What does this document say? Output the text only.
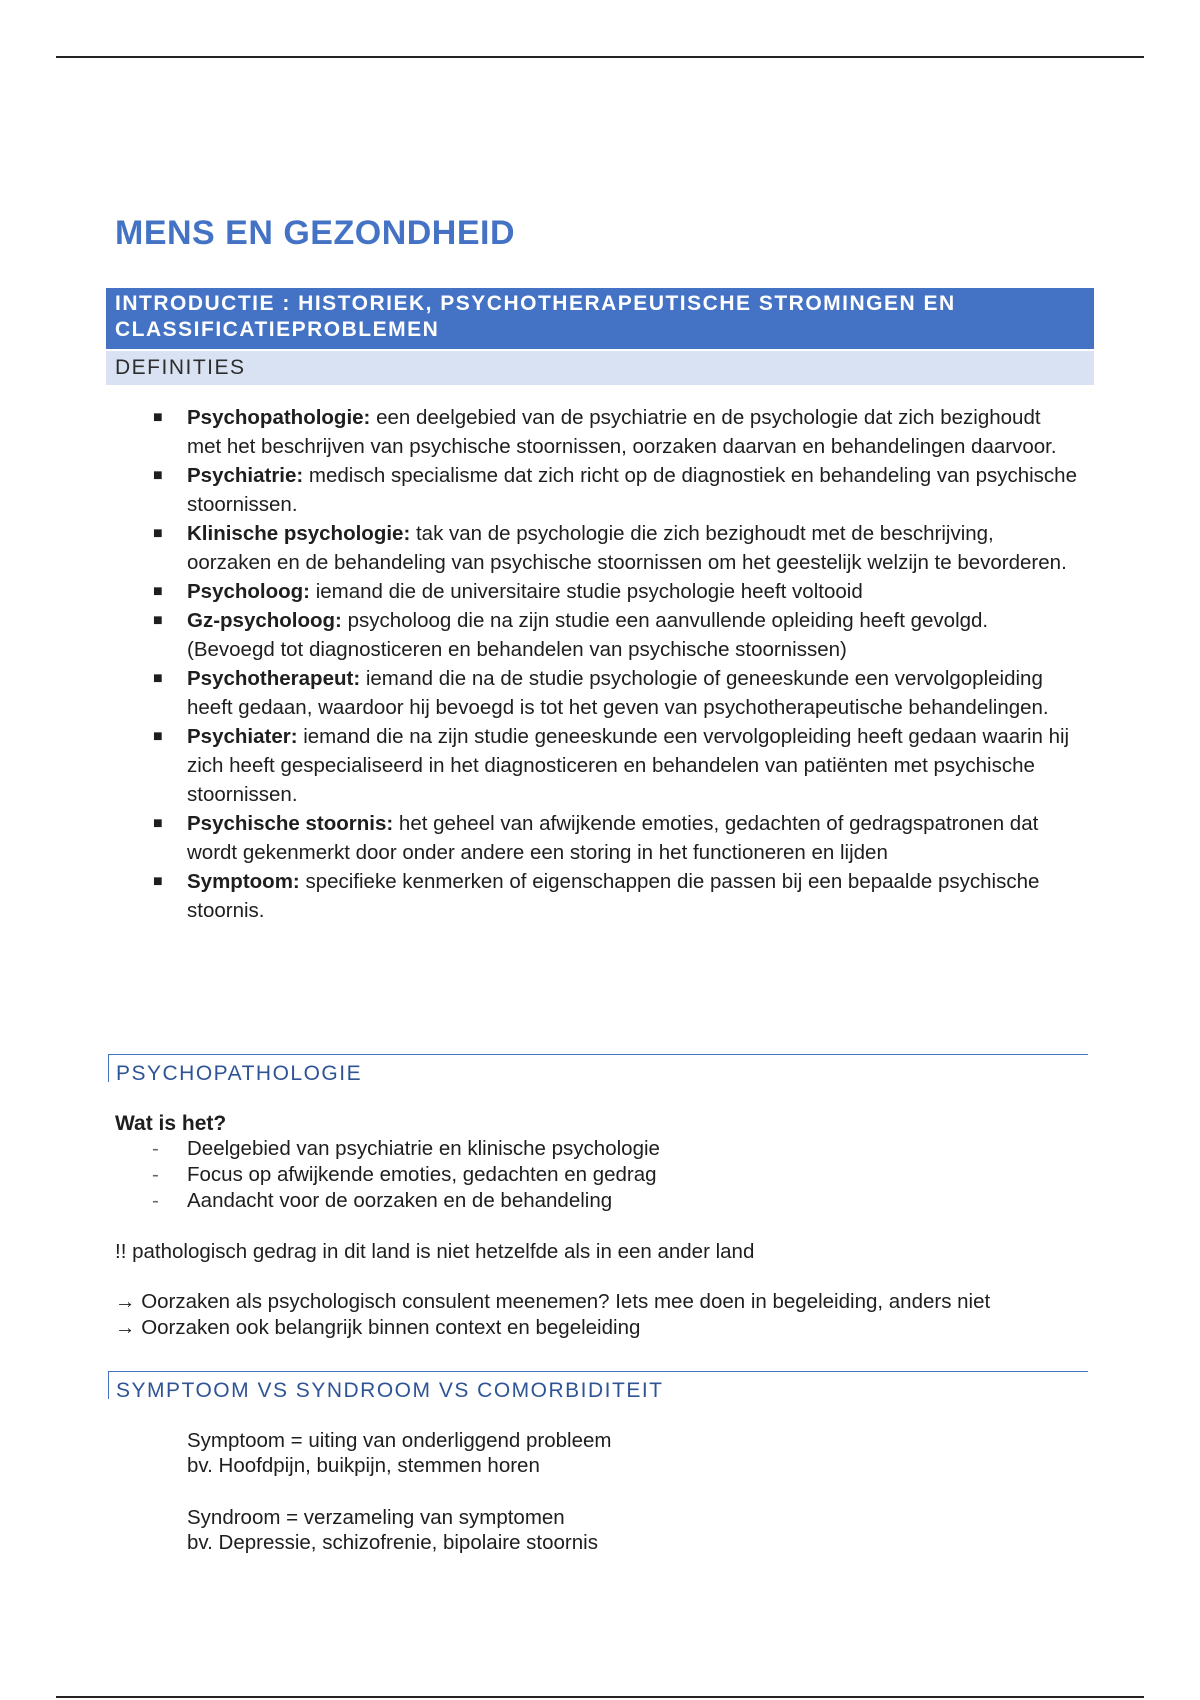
MENS EN GEZONDHEID
INTRODUCTIE : HISTORIEK, PSYCHOTHERAPEUTISCHE STROMINGEN EN
CLASSIFICATIEPROBLEMEN
DEFINITIES
■ Psychopathologie: een deelgebied van de psychiatrie en de psychologie dat zich bezighoudt met het beschrijven van psychische stoornissen, oorzaken daarvan en behandelingen daarvoor.
■ Psychiatrie: medisch specialisme dat zich richt op de diagnostiek en behandeling van psychische stoornissen.
■ Klinische psychologie: tak van de psychologie die zich bezighoudt met de beschrijving, oorzaken en de behandeling van psychische stoornissen om het geestelijk welzijn te bevorderen.
■ Psycholoog: iemand die de universitaire studie psychologie heeft voltooid
■ Gz-psycholoog: psycholoog die na zijn studie een aanvullende opleiding heeft gevolgd. (Bevoegd tot diagnosticeren en behandelen van psychische stoornissen)
■ Psychotherapeut: iemand die na de studie psychologie of geneeskunde een vervolgopleiding heeft gedaan, waardoor hij bevoegd is tot het geven van psychotherapeutische behandelingen.
■ Psychiater: iemand die na zijn studie geneeskunde een vervolgopleiding heeft gedaan waarin hij zich heeft gespecialiseerd in het diagnosticeren en behandelen van patiënten met psychische stoornissen.
■ Psychische stoornis: het geheel van afwijkende emoties, gedachten of gedragspatronen dat wordt gekenmerkt door onder andere een storing in het functioneren en lijden
■ Symptoom: specifieke kenmerken of eigenschappen die passen bij een bepaalde psychische stoornis.
PSYCHOPATHOLOGIE
Wat is het?
- Deelgebied van psychiatrie en klinische psychologie
- Focus op afwijkende emoties, gedachten en gedrag
- Aandacht voor de oorzaken en de behandeling
!! pathologisch gedrag in dit land is niet hetzelfde als in een ander land
→ Oorzaken als psychologisch consulent meenemen? Iets mee doen in begeleiding, anders niet
→ Oorzaken ook belangrijk binnen context en begeleiding
SYMPTOOM VS SYNDROOM VS COMORBIDITEIT
Symptoom = uiting van onderliggend probleem
bv. Hoofdpijn, buikpijn, stemmen horen
Syndroom = verzameling van symptomen
bv. Depressie, schizofrenie, bipolaire stoornis
